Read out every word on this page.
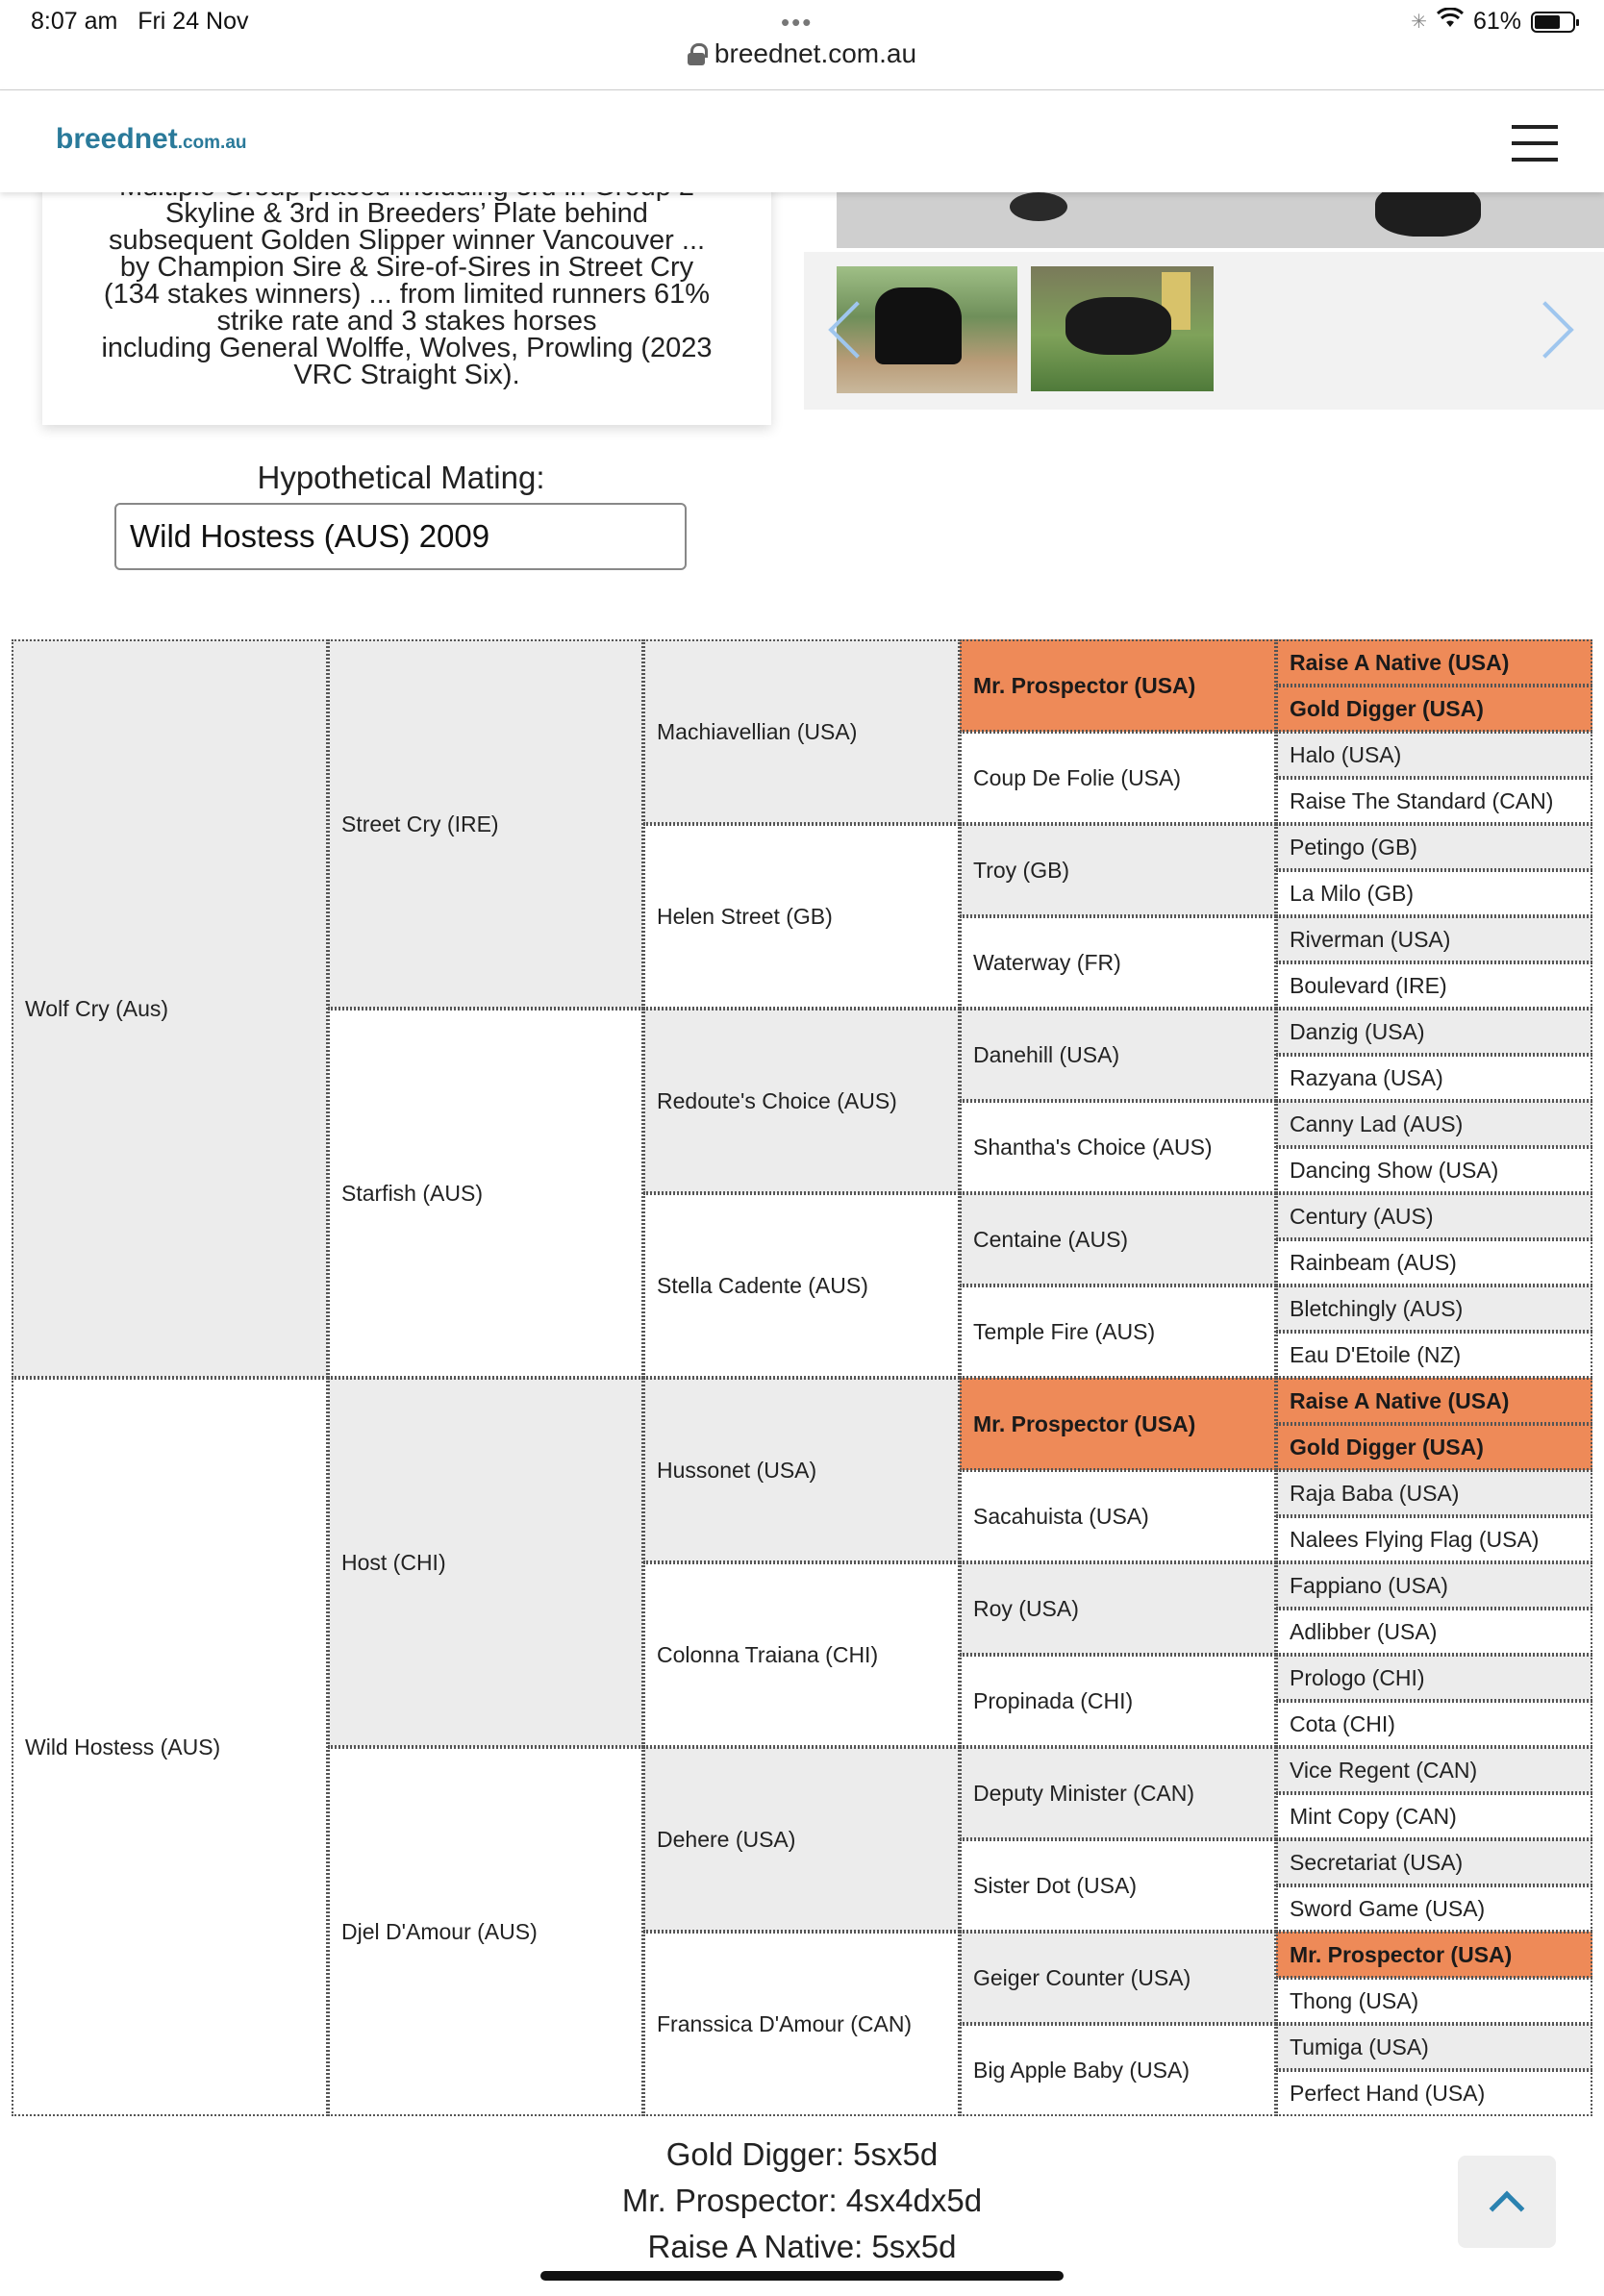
8:07 am Fri 24 Nov	•••	✳ 61%
breednet.com.au
breednet.com.au

Skyline & 3rd in Breeders’ Plate behind
subsequent Golden Slipper winner Vancouver ...
by Champion Sire & Sire-of-Sires in Street Cry
(134 stakes winners) ... from limited runners 61%
strike rate and 3 stakes horses
including General Wolffe, Wolves, Prowling (2023
VRC Straight Six).

Hypothetical Mating:
Wild Hostess (AUS) 2009
Wolf Cry (Aus)
Wild Hostess (AUS)
Street Cry (IRE)
Starfish (AUS)
Host (CHI)
Djel D'Amour (AUS)
Machiavellian (USA)
Helen Street (GB)
Redoute's Choice (AUS)
Stella Cadente (AUS)
Hussonet (USA)
Colonna Traiana (CHI)
Dehere (USA)
Franssica D'Amour (CAN)
Mr. Prospector (USA)
Coup De Folie (USA)
Troy (GB)
Waterway (FR)
Danehill (USA)
Shantha's Choice (AUS)
Centaine (AUS)
Temple Fire (AUS)
Mr. Prospector (USA)
Sacahuista (USA)
Roy (USA)
Propinada (CHI)
Deputy Minister (CAN)
Sister Dot (USA)
Geiger Counter (USA)
Big Apple Baby (USA)
Raise A Native (USA)
Gold Digger (USA)
Halo (USA)
Raise The Standard (CAN)
Petingo (GB)
La Milo (GB)
Riverman (USA)
Boulevard (IRE)
Danzig (USA)
Razyana (USA)
Canny Lad (AUS)
Dancing Show (USA)
Century (AUS)
Rainbeam (AUS)
Bletchingly (AUS)
Eau D'Etoile (NZ)
Raise A Native (USA)
Gold Digger (USA)
Raja Baba (USA)
Nalees Flying Flag (USA)
Fappiano (USA)
Adlibber (USA)
Prologo (CHI)
Cota (CHI)
Vice Regent (CAN)
Mint Copy (CAN)
Secretariat (USA)
Sword Game (USA)
Mr. Prospector (USA)
Thong (USA)
Tumiga (USA)
Perfect Hand (USA)
Gold Digger: 5sx5d
Mr. Prospector: 4sx4dx5d
Raise A Native: 5sx5d
